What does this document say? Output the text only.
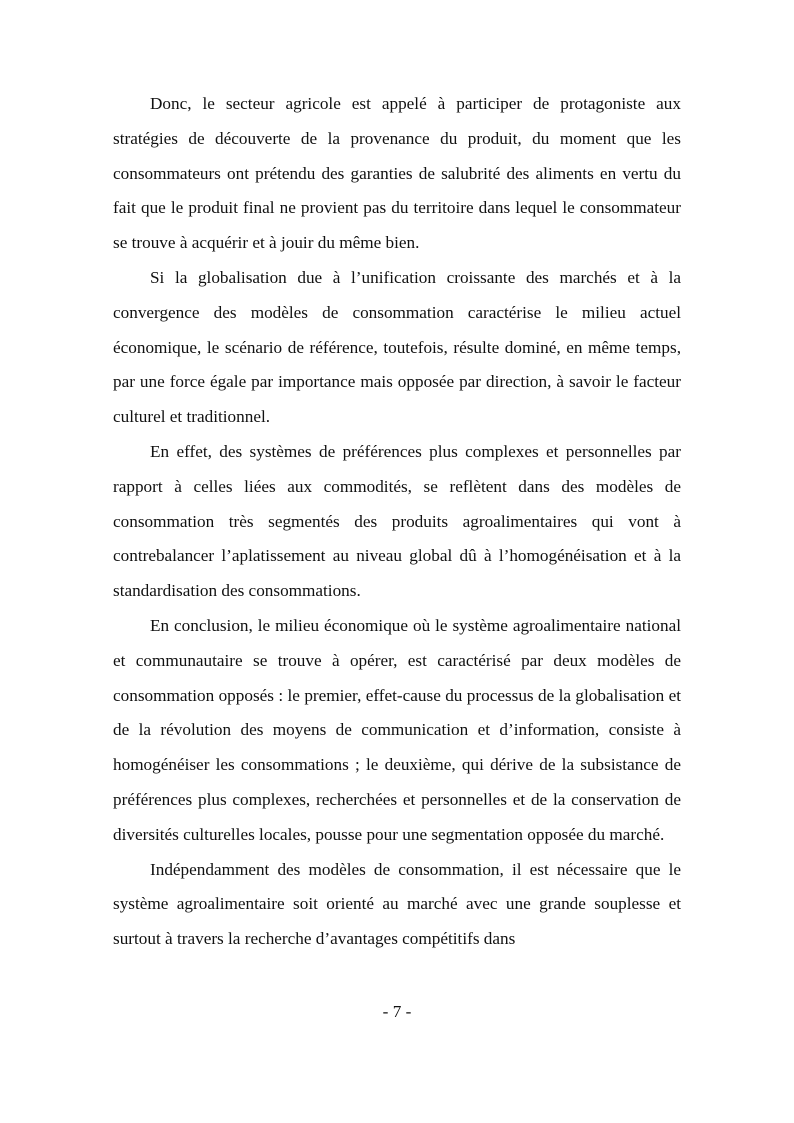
Donc, le secteur agricole est appelé à participer de protagoniste aux stratégies de découverte de la provenance du produit, du moment que les consommateurs ont prétendu des garanties de salubrité des aliments en vertu du fait que le produit final ne provient pas du territoire dans lequel le consommateur se trouve à acquérir et à jouir du même bien.

Si la globalisation due à l’unification croissante des marchés et à la convergence des modèles de consommation caractérise le milieu actuel économique, le scénario de référence, toutefois, résulte dominé, en même temps, par une force égale par importance mais opposée par direction, à savoir le facteur culturel et traditionnel.

En effet, des systèmes de préférences plus complexes et personnelles par rapport à celles liées aux commodités, se reflètent dans des modèles de consommation très segmentés des produits agroalimentaires qui vont à contrebalancer l’aplatissement au niveau global dû à l’homogénéisation et à la standardisation des consommations.

En conclusion, le milieu économique où le système agroalimentaire national et communautaire se trouve à opérer, est caractérisé par deux modèles de consommation opposés : le premier, effet-cause du processus de la globalisation et de la révolution des moyens de communication et d’information, consiste à homogénéiser les consommations ; le deuxième, qui dérive de la subsistance de préférences plus complexes, recherchées et personnelles et de la conservation de diversités culturelles locales, pousse pour une segmentation opposée du marché.

Indépendamment des modèles de consommation, il est nécessaire que le système agroalimentaire soit orienté au marché avec une grande souplesse et surtout à travers la recherche d’avantages compétitifs dans

- 7 -
